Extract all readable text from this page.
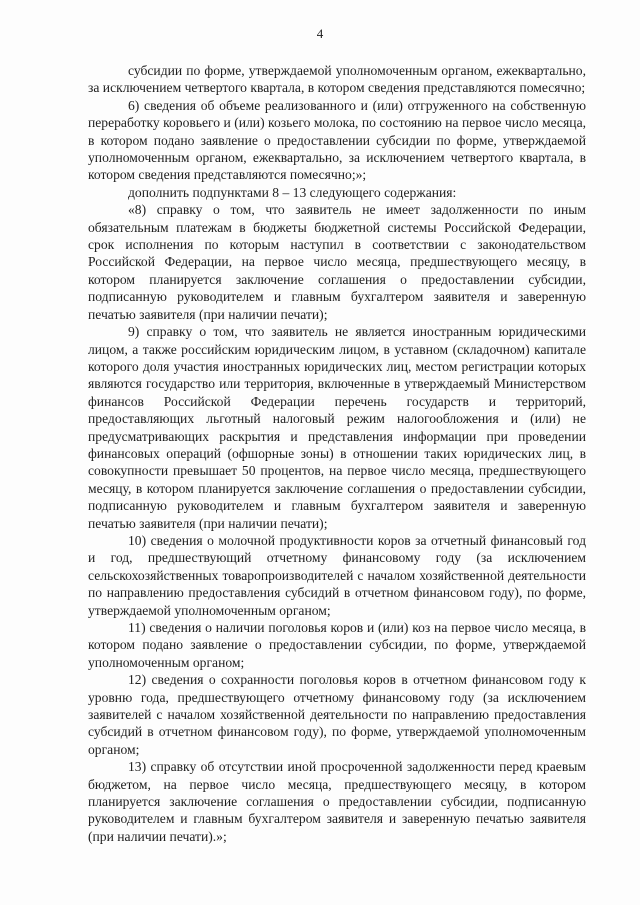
4

субсидии по форме, утверждаемой уполномоченным органом, ежеквартально, за исключением четвертого квартала, в котором сведения представляются помесячно;

6) сведения об объеме реализованного и (или) отгруженного на собственную переработку коровьего и (или) козьего молока, по состоянию на первое число месяца, в котором подано заявление о предоставлении субсидии по форме, утверждаемой уполномоченным органом, ежеквартально, за исключением четвертого квартала, в котором сведения представляются помесячно;»;

дополнить подпунктами 8 – 13 следующего содержания:

«8) справку о том, что заявитель не имеет задолженности по иным обязательным платежам в бюджеты бюджетной системы Российской Федерации, срок исполнения по которым наступил в соответствии с законодательством Российской Федерации, на первое число месяца, предшествующего месяцу, в котором планируется заключение соглашения о предоставлении субсидии, подписанную руководителем и главным бухгалтером заявителя и заверенную печатью заявителя (при наличии печати);

9) справку о том, что заявитель не является иностранным юридическими лицом, а также российским юридическим лицом, в уставном (складочном) капитале которого доля участия иностранных юридических лиц, местом регистрации которых являются государство или территория, включенные в утверждаемый Министерством финансов Российской Федерации перечень государств и территорий, предоставляющих льготный налоговый режим налогообложения и (или) не предусматривающих раскрытия и представления информации при проведении финансовых операций (офшорные зоны) в отношении таких юридических лиц, в совокупности превышает 50 процентов, на первое число месяца, предшествующего месяцу, в котором планируется заключение соглашения о предоставлении субсидии, подписанную руководителем и главным бухгалтером заявителя и заверенную печатью заявителя (при наличии печати);

10) сведения о молочной продуктивности коров за отчетный финансовый год и год, предшествующий отчетному финансовому году (за исключением сельскохозяйственных товаропроизводителей с началом хозяйственной деятельности по направлению предоставления субсидий в отчетном финансовом году), по форме, утверждаемой уполномоченным органом;

11) сведения о наличии поголовья коров и (или) коз на первое число месяца, в котором подано заявление о предоставлении субсидии, по форме, утверждаемой уполномоченным органом;

12) сведения о сохранности поголовья коров в отчетном финансовом году к уровню года, предшествующего отчетному финансовому году (за исключением заявителей с началом хозяйственной деятельности по направлению предоставления субсидий в отчетном финансовом году), по форме, утверждаемой уполномоченным органом;

13) справку об отсутствии иной просроченной задолженности перед краевым бюджетом, на первое число месяца, предшествующего месяцу, в котором планируется заключение соглашения о предоставлении субсидии, подписанную руководителем и главным бухгалтером заявителя и заверенную печатью заявителя (при наличии печати).»;
